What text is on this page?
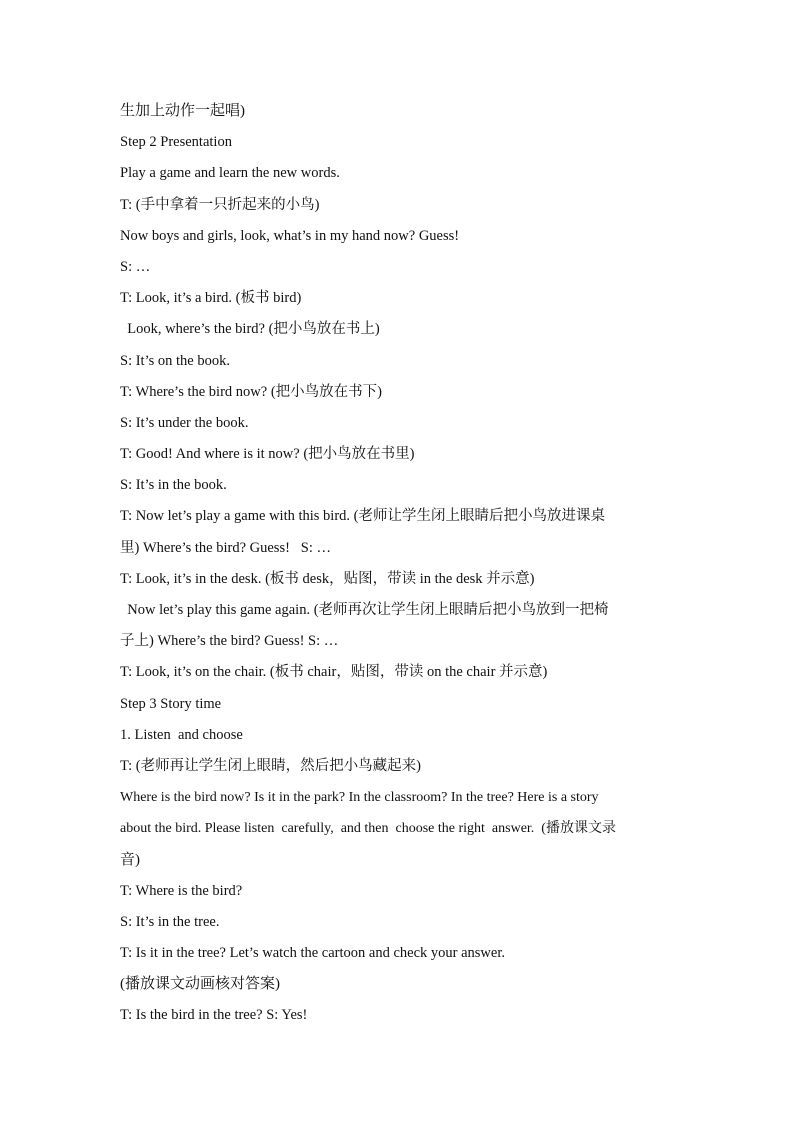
生加上动作一起唱)
Step 2 Presentation
Play a game and learn the new words.
T: (手中拿着一只折起来的小鸟)
Now boys and girls, look, what’s in my hand now? Guess!
S: …
T: Look, it’s a bird. (板书 bird)
Look, where’s the bird? (把小鸟放在书上)
S: It’s on the book.
T: Where’s the bird now? (把小鸟放在书下)
S: It’s under the book.
T: Good! And where is it now? (把小鸟放在书里)
S: It’s in the book.
T: Now let’s play a game with this bird. (老师让学生闭上眼睛后把小鸟放进课桌
里) Where’s the bird? Guess!   S: …
T: Look, it’s in the desk. (板书 desk，贴图，带读 in the desk 并示意)
Now let’s play this game again. (老师再次让学生闭上眼睛后把小鸟放到一把椅
子上) Where’s the bird? Guess! S: …
T: Look, it’s on the chair. (板书 chair，贴图，带读 on the chair 并示意)
Step 3 Story time
1. Listen  and choose
T: (老师再让学生闭上眼睛，然后把小鸟藏起来)
Where is the bird now? Is it in the park? In the classroom? In the tree? Here is a story
about the bird. Please listen  carefully,  and then  choose the right  answer.  (播放课文录
音)
T: Where is the bird?
S: It’s in the tree.
T: Is it in the tree? Let’s watch the cartoon and check your answer.
(播放课文动画核对答案)
T: Is the bird in the tree? S: Yes!
